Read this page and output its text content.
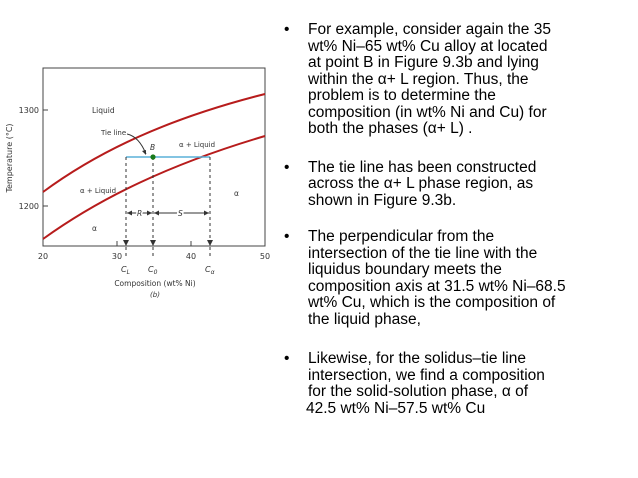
1300
1200
20	30	40	50
Temperature (°C)
Composition (wt% Ni)
(b)
Liquid
Tie line
α + Liquid
α + Liquid	α
α
B
R	S
$C_L$ $C_0$	$C_\alpha$
• For example, consider again the 35
wt% Ni–65 wt% Cu alloy at located
at point B in Figure 9.3b and lying
within the α+ L region. Thus, the
problem is to determine the
composition (in wt% Ni and Cu) for
both the phases (α+ L) .
• The tie line has been constructed
across the α+ L phase region, as
shown in Figure 9.3b.
• The perpendicular from the
intersection of the tie line with the
liquidus boundary meets the
composition axis at 31.5 wt% Ni–68.5
wt% Cu, which is the composition of
the liquid phase,
• Likewise, for the solidus–tie line
intersection, we find a composition
for the solid-solution phase, α of
42.5 wt% Ni–57.5 wt% Cu
